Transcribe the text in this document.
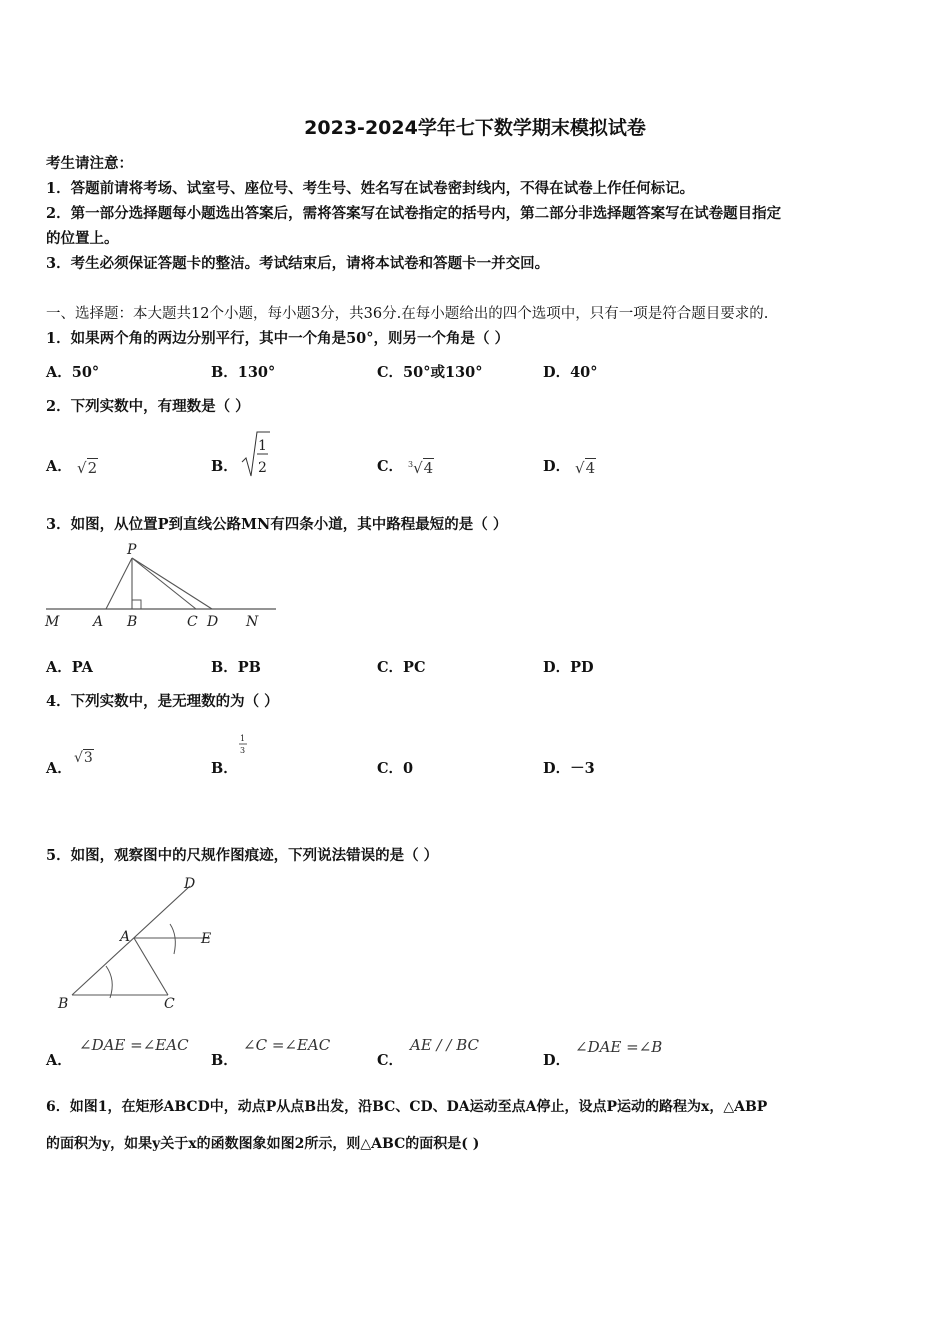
2023-2024学年七下数学期末模拟试卷
考生请注意：
1．答题前请将考场、试室号、座位号、考生号、姓名写在试卷密封线内，不得在试卷上作任何标记。
2．第一部分选择题每小题选出答案后，需将答案写在试卷指定的括号内，第二部分非选择题答案写在试卷题目指定
的位置上。
3．考生必须保证答题卡的整洁。考试结束后，请将本试卷和答题卡一并交回。
一、选择题：本大题共12个小题，每小题3分，共36分.在每小题给出的四个选项中，只有一项是符合题目要求的.
1．如果两个角的两边分别平行，其中一个角是50°，则另一个角是（ ）
A．50°	B．130°	C．50°或130°	D．40°
2．下列实数中，有理数是（ ）
A． √2	B．
1
2	C． $^3$√4	D． √4
3．如图，从位置P到直线公路MN有四条小道，其中路程最短的是（ ）
P
M A B	C D N
A．PA	B．PB	C．PC	D．PD
4．下列实数中，是无理数的为（ ）
A．
√3
B．
1
3
C．0	D．－3
5．如图，观察图中的尺规作图痕迹，下列说法错误的是（ ）
D
A	E
B	C
A．
∠DAE =∠EAC
B．
∠C =∠EAC
C．
AE / / BC
D．
∠DAE =∠B
6．如图1，在矩形ABCD中，动点P从点B出发，沿BC、CD、DA运动至点A停止，设点P运动的路程为x，△ABP
的面积为y，如果y关于x的函数图象如图2所示，则△ABC的面积是( )
